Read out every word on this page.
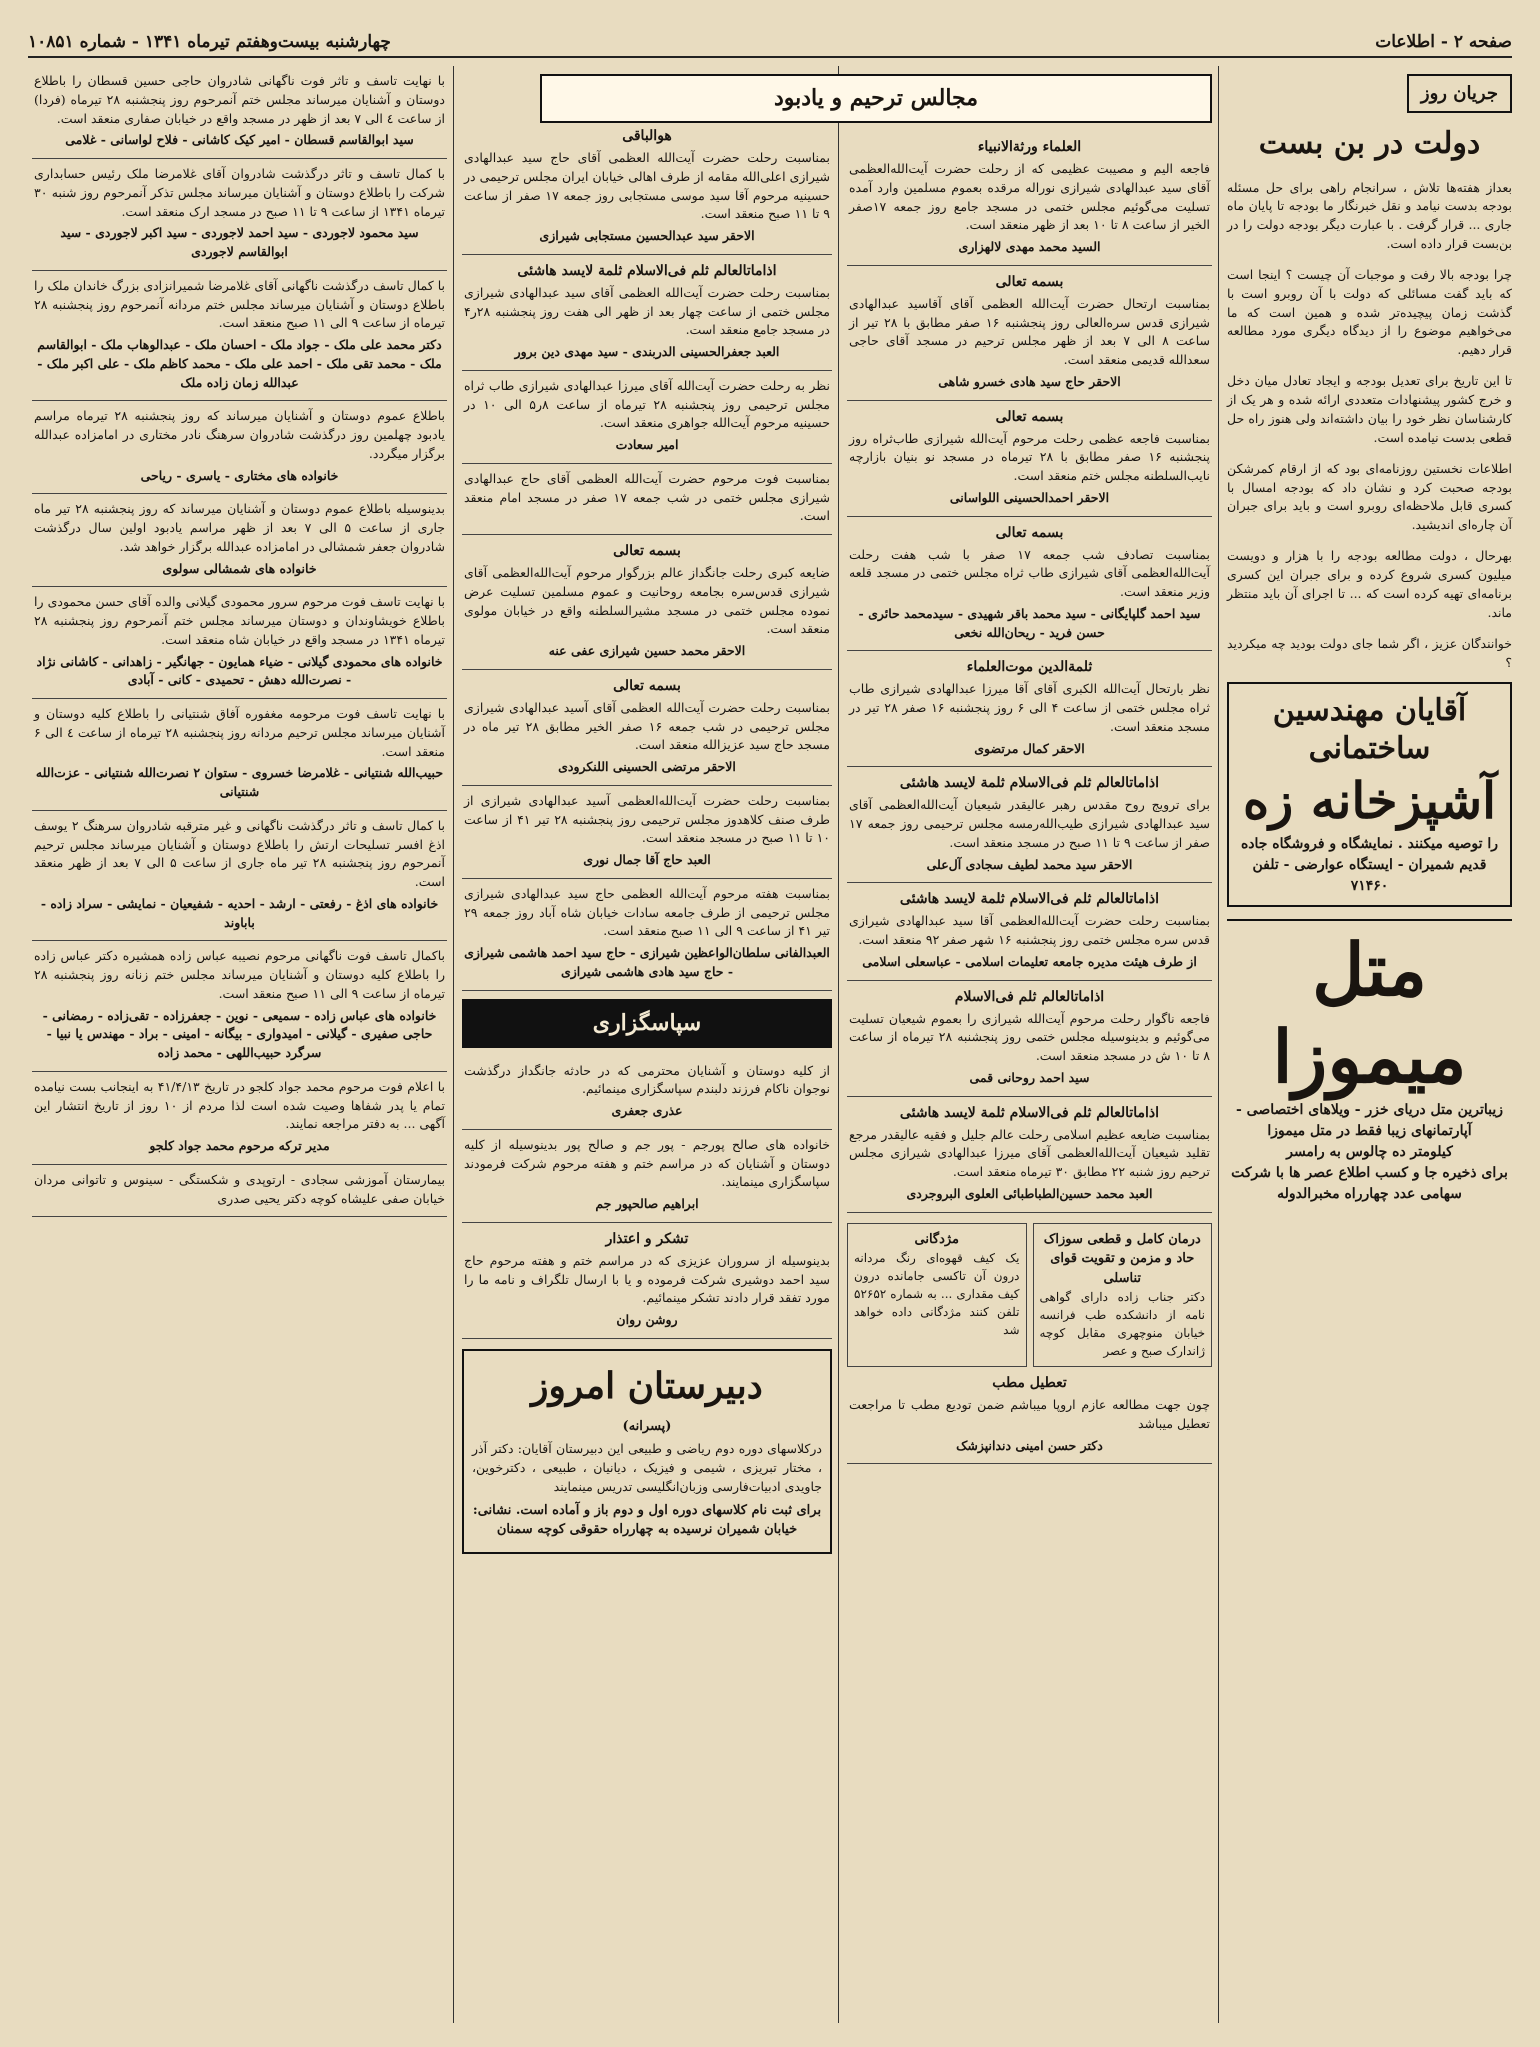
صفحه ۲ - اطلاعات
چهارشنبه بیست‌وهفتم تیرماه ۱۳۴۱ - شماره ۱۰۸۵۱
جریان روز
دولت در بن بست

بعداز هفته‌ها تلاش ، سرانجام راهی برای حل مسئله بودجه بدست نیامد و نقل خبرنگار ما بودجه تا پایان ماه جاری ... قرار گرفت . با عبارت دیگر بودجه دولت را در بن‌بست قرار داده است.

چرا بودجه بالا رفت و موجبات آن چیست ؟ اینجا است که باید گفت مسائلی که دولت با آن روبرو است با گذشت زمان پیچیده‌تر شده و همین است که ما می‌خواهیم موضوع را از دیدگاه دیگری مورد مطالعه قرار دهیم.

تا این تاریخ برای تعدیل بودجه و ایجاد تعادل میان دخل و خرج کشور پیشنهادات متعددی ارائه شده و هر یک از کارشناسان نظر خود را بیان داشته‌اند ولی هنوز راه حل قطعی بدست نیامده است.

اطلاعات نخستین روزنامه‌ای بود که از ارقام کمرشکن بودجه صحبت کرد و نشان داد که بودجه امسال با کسری قابل ملاحظه‌ای روبرو است و باید برای جبران آن چاره‌ای اندیشید.

بهرحال ، دولت مطالعه بودجه را با هزار و دویست میلیون کسری شروع کرده و برای جبران این کسری برنامه‌ای تهیه کرده است که ... تا اجرای آن باید منتظر ماند.

خوانندگان عزیز ، اگر شما جای دولت بودید چه میکردید ؟

آقایان مهندسین ساختمانی
آشپزخانه زه
را توصیه میکنند . نمایشگاه و فروشگاه جاده قدیم شمیران - ایستگاه عوارضی - تلفن ۷۱۴۶۰
متل میموزا
زیباترین متل دریای خزر - ویلاهای اختصاصی - آپارتمانهای زیبا فقط در متل میموزا
کیلومتر ده چالوس به رامسر
برای ذخیره جا و کسب اطلاع عصر ها با شرکت سهامی عدد چهارراه مخبرالدوله
مجالس ترحیم و یادبود
العلماء ورثةالانبیاء
فاجعه الیم و مصیبت عظیمی که از رحلت حضرت آیت‌الله‌العظمی آقای سید عبدالهادی شیرازی نوراله مرقده بعموم مسلمین وارد آمده تسلیت می‌گوئیم مجلس ختمی در مسجد جامع روز جمعه ۱۷صفر الخیر از ساعت ۸ تا ۱۰ بعد از ظهر منعقد است.
السید محمد مهدی لالهزاری
بسمه تعالی
بمناسبت ارتحال حضرت آیت‌الله العظمی آقای آقاسید عبدالهادی شیرازی قدس سره‌العالی روز پنجشنبه ۱۶ صفر مطابق با ۲۸ تیر از ساعت ۸ الی ۷ بعد از ظهر مجلس ترحیم در مسجد آقای حاجی سعدالله قدیمی منعقد است.
الاحقر حاج سید هادی خسرو شاهی
بسمه تعالی
بمناسبت فاجعه عظمی رحلت مرحوم آیت‌الله شیرازی طاب‌ثراه روز پنجشنبه ۱۶ صفر مطابق با ۲۸ تیرماه در مسجد نو بنیان بازارچه نایب‌السلطنه مجلس ختم منعقد است.
الاحقر احمدالحسینی اللواسانی
بسمه تعالی
بمناسبت تصادف شب جمعه ۱۷ صفر با شب هفت رحلت آیت‌الله‌العظمی آقای شیرازی طاب ثراه مجلس ختمی در مسجد قلعه وزیر منعقد است.
سید احمد گلپایگانی - سید محمد باقر شهیدی - سید‌محمد حائری - حسن فرید - ریحان‌الله نخعی
ثلمة‌الدین موت‌العلماء
نظر بارتحال آیت‌الله الکبری آقای آقا میرزا عبدالهادی شیرازی طاب ثراه مجلس ختمی از ساعت ۴ الی ۶ روز پنجشنبه ۱۶ صفر ۲۸ تیر در مسجد منعقد است.
الاحقر کمال مرتضوی
اذاماتالعالم ثلم فی‌الاسلام ثلمة لایسد هاشئی
برای ترویج روح مقدس رهبر عالیقدر شیعیان آیت‌الله‌العظمی آقای سید عبدالهادی شیرازی طیب‌الله‌رمسه مجلس ترحیمی روز جمعه ۱۷ صفر از ساعت ۹ تا ۱۱ صبح در مسجد منعقد است.
الاحقر سید محمد لطیف سجادی آل‌علی
اذاماتالعالم ثلم فی‌الاسلام ثلمة لایسد هاشئی
بمناسبت رحلت حضرت آیت‌الله‌العظمی آقا سید عبدالهادی شیرازی قدس سره مجلس ختمی روز پنجشنبه ۱۶ شهر صفر ۹۲ منعقد است.
از طرف هیئت مدیره جامعه تعلیمات اسلامی - عباسعلی اسلامی
اذاماتالعالم ثلم فی‌الاسلام
فاجعه ناگوار رحلت مرحوم آیت‌الله شیرازی را بعموم شیعیان تسلیت می‌گوئیم و بدینوسیله مجلس ختمی روز پنجشنبه ۲۸ تیرماه از ساعت ۸ تا ۱۰ ش در مسجد منعقد است.
سید احمد روحانی قمی
اذاماتالعالم ثلم فی‌الاسلام ثلمة لایسد هاشئی
بمناسبت ضایعه عظیم اسلامی رحلت عالم جلیل و فقیه عالیقدر مرجع تقلید شیعیان آیت‌الله‌العظمی آقای میرزا عبدالهادی شیرازی مجلس ترحیم روز شنبه ۲۲ مطابق ۳۰ تیرماه منعقد است.
العبد محمد حسین‌الطباطبائی العلوی البروجردی
درمان کامل و قطعی سوزاک حاد و مزمن و تقویت قوای تناسلی
دکتر جناب زاده دارای گواهی نامه از دانشکده طب فرانسه خیابان منوچهری مقابل کوچه ژاندارک صبح و عصر
مژدگانی
یک کیف قهوه‌ای رنگ مردانه درون آن تاکسی جامانده درون کیف مقداری ... به شماره ۵۲۶۵۲ تلفن کنند مژدگانی داده خواهد شد
تعطیل مطب
چون جهت مطالعه عازم اروپا میباشم ضمن تودیع مطب تا مراجعت تعطیل میباشد
دکتر حسن امینی دندانپزشک
هوالباقی
بمناسبت رحلت حضرت آیت‌الله العظمی آقای حاج سید عبدالهادی شیرازی اعلی‌الله مقامه از طرف اهالی خیابان ایران مجلس ترحیمی در حسینیه مرحوم آقا سید موسی مستجابی روز جمعه ۱۷ صفر از ساعت ۹ تا ۱۱ صبح منعقد است.
الاحقر سید عبدالحسین مستجابی شیرازی
اذاماتالعالم ثلم فی‌الاسلام ثلمة لایسد هاشئی
بمناسبت رحلت حضرت آیت‌الله العظمی آقای سید عبدالهادی شیرازی مجلس ختمی از ساعت چهار بعد از ظهر الی هفت روز پنجشنبه ۲۸ر۴ در مسجد جامع منعقد است.
العبد جعفرالحسینی الدربندی - سید مهدی دین برور
نظر به رحلت حضرت آیت‌الله آقای میرزا عبدالهادی شیرازی طاب ثراه مجلس ترحیمی روز پنجشنبه ۲۸ تیرماه از ساعت ۸ر۵ الی ۱۰ در حسینیه مرحوم آیت‌الله جواهری منعقد است.
امیر سعادت
بمناسبت فوت مرحوم حضرت آیت‌الله العظمی آقای حاج عبدالهادی شیرازی مجلس ختمی در شب جمعه ۱۷ صفر در مسجد امام منعقد است.
بسمه تعالی
ضایعه کبری رحلت جانگداز عالم بزرگوار مرحوم آیت‌الله‌العظمی آقای شیرازی قدس‌سره بجامعه روحانیت و عموم مسلمین تسلیت عرض نموده مجلس ختمی در مسجد مشیرالسلطنه واقع در خیابان مولوی منعقد است.
الاحقر محمد حسین شیرازی عفی عنه
بسمه تعالی
بمناسبت رحلت حضرت آیت‌الله العظمی آقای آسید عبدالهادی شیرازی مجلس ترحیمی در شب جمعه ۱۶ صفر الخیر مطابق ۲۸ تیر ماه در مسجد حاج سید عزیزالله منعقد است.
الاحقر مرتضی الحسینی اللنکرودی
بمناسبت رحلت حضرت آیت‌الله‌العظمی آسید عبدالهادی شیرازی از طرف صنف کلاهدوز مجلس ترحیمی روز پنجشنبه ۲۸ تیر ۴۱ از ساعت ۱۰ تا ۱۱ صبح در مسجد منعقد است.
العبد حاج آقا جمال نوری
بمناسبت هفته مرحوم آیت‌الله العظمی حاج سید عبدالهادی شیرازی مجلس ترحیمی از طرف جامعه سادات خیابان شاه آباد روز جمعه ۲۹ تیر ۴۱ از ساعت ۹ الی ۱۱ صبح منعقد است.
العبدالفانی سلطان‌الواعظین شیرازی - حاج سید احمد هاشمی شیرازی - حاج سید هادی هاشمی شیرازی
سپاسگزاری
از کلیه دوستان و آشنایان محترمی که در حادثه جانگداز درگذشت نوجوان ناکام فرزند دلبندم سپاسگزاری مینمائیم.
عذری جعفری
خانواده های صالح پورجم - پور جم و صالح پور بدینوسیله از کلیه دوستان و آشنایان که در مراسم ختم و هفته مرحوم شرکت فرمودند سپاسگزاری مینمایند.
ابراهیم صالحپور جم
تشکر و اعتذار
بدینوسیله از سروران عزیزی که در مراسم ختم و هفته مرحوم حاج سید احمد دوشیری شرکت فرموده و یا با ارسال تلگراف و نامه ما را مورد تفقد قرار دادند تشکر مینمائیم.
روشن روان
دبیرستان امروز
(پسرانه)
درکلاسهای دوره دوم ریاضی و طبیعی این دبیرستان آقایان: دکتر آذر ، مختار تبریزی ، شیمی و فیزیک ، دیانیان ، طبیعی ، دکترخوین، جاویدی ادبیات‌فارسی وزبان‌انگلیسی تدریس مینمایند
برای ثبت نام کلاسهای دوره اول و دوم باز و آماده است. نشانی: خیابان شمیران نرسیده به چهارراه حقوقی کوچه سمنان
با نهایت تاسف و تاثر فوت ناگهانی شادروان حاجی حسین قسطان را باطلاع دوستان و آشنایان میرساند مجلس ختم آنمرحوم روز پنجشنبه ۲۸ تیرماه (فردا) از ساعت ٤ الی ۷ بعد از ظهر در مسجد واقع در خیابان صفاری منعقد است.
سید ابوالقاسم قسطان - امیر کیک کاشانی - فلاح لواسانی - غلامی
با کمال تاسف و تاثر درگذشت شادروان آقای غلامرضا ملک رئیس حسابداری شرکت را باطلاع دوستان و آشنایان میرساند مجلس تذکر آنمرحوم روز شنبه ۳۰ تیرماه ۱۳۴۱ از ساعت ۹ تا ۱۱ صبح در مسجد ارک منعقد است.
سید محمود لاجوردی - سید احمد لاجوردی - سید اکبر لاجوردی - سید ابوالقاسم لاجوردی
با کمال تاسف درگذشت ناگهانی آقای غلامرضا شمیرانزادی بزرگ خاندان ملک را باطلاع دوستان و آشنایان میرساند مجلس ختم مردانه آنمرحوم روز پنجشنبه ۲۸ تیرماه از ساعت ۹ الی ۱۱ صبح منعقد است.
دکتر محمد علی ملک - جواد ملک - احسان ملک - عبدالوهاب ملک - ابوالقاسم ملک - محمد تقی ملک - احمد علی ملک - محمد کاظم ملک - علی اکبر ملک - عبدالله زمان زاده ملک
باطلاع عموم دوستان و آشنایان میرساند که روز پنجشنبه ۲۸ تیرماه مراسم یادبود چهلمین روز درگذشت شادروان سرهنگ نادر مختاری در امامزاده عبدالله برگزار میگردد.
خانواده های مختاری - یاسری - ریاحی
بدینوسیله باطلاع عموم دوستان و آشنایان میرساند که روز پنجشنبه ۲۸ تیر ماه جاری از ساعت ۵ الی ۷ بعد از ظهر مراسم یادبود اولین سال درگذشت شادروان جعفر شمشالی در امامزاده عبدالله برگزار خواهد شد.
خانواده های شمشالی سولوی
با نهایت تاسف فوت مرحوم سرور محمودی گیلانی والده آقای حسن محمودی را باطلاع خویشاوندان و دوستان میرساند مجلس ختم آنمرحوم روز پنجشنبه ۲۸ تیرماه ۱۳۴۱ در مسجد واقع در خیابان شاه منعقد است.
خانواده های محمودی گیلانی - ضیاء همایون - جهانگیر - زاهدانی - کاشانی نژاد - نصرت‌الله دهش - تحمیدی - کانی - آبادی
با نهایت تاسف فوت مرحومه مغفوره آفاق شنتیانی را باطلاع کلیه دوستان و آشنایان میرساند مجلس ترحیم مردانه روز پنجشنبه ۲۸ تیرماه از ساعت ٤ الی ۶ منعقد است.
حبیب‌الله شنتیانی - غلامرضا خسروی - ستوان ۲ نصرت‌الله شنتیانی - عزت‌الله شنتیانی
با کمال تاسف و تاثر درگذشت ناگهانی و غیر مترقبه شادروان سرهنگ ۲ یوسف اذغ افسر تسلیحات ارتش را باطلاع دوستان و آشنایان میرساند مجلس ترحیم آنمرحوم روز پنجشنبه ۲۸ تیر ماه جاری از ساعت ۵ الی ۷ بعد از ظهر منعقد است.
خانواده های اذغ - رفعتی - ارشد - احدیه - شفیعیان - نمایشی - سراد زاده - باباوند
باکمال تاسف فوت ناگهانی مرحوم نصیبه عباس زاده همشیره دکتر عباس زاده را باطلاع کلیه دوستان و آشنایان میرساند مجلس ختم زنانه روز پنجشنبه ۲۸ تیرماه از ساعت ۹ الی ۱۱ صبح منعقد است.
خانواده های عباس زاده - سمیعی - نوین - جعفرزاده - تقی‌زاده - رمضانی - حاجی صفیری - گیلانی - امیدواری - بیگانه - امینی - براد - مهندس یا نبیا - سرگرد حبیب‌اللهی - محمد زاده
با اعلام فوت مرحوم محمد جواد کلجو در تاریخ ۴۱/۴/۱۳ به اینجانب بست نیامده تمام یا پدر شفاها وصیت شده است لذا مردم از ۱۰ روز از تاریخ انتشار این آگهی ... به دفتر مراجعه نمایند.
مدیر ترکه مرحوم محمد جواد کلجو
بیمارستان آموزشی سجادی - ارتوپدی و شکستگی - سینوس و تاتوانی مردان خیابان صفی علیشاه کوچه دکتر یحیی صدری
